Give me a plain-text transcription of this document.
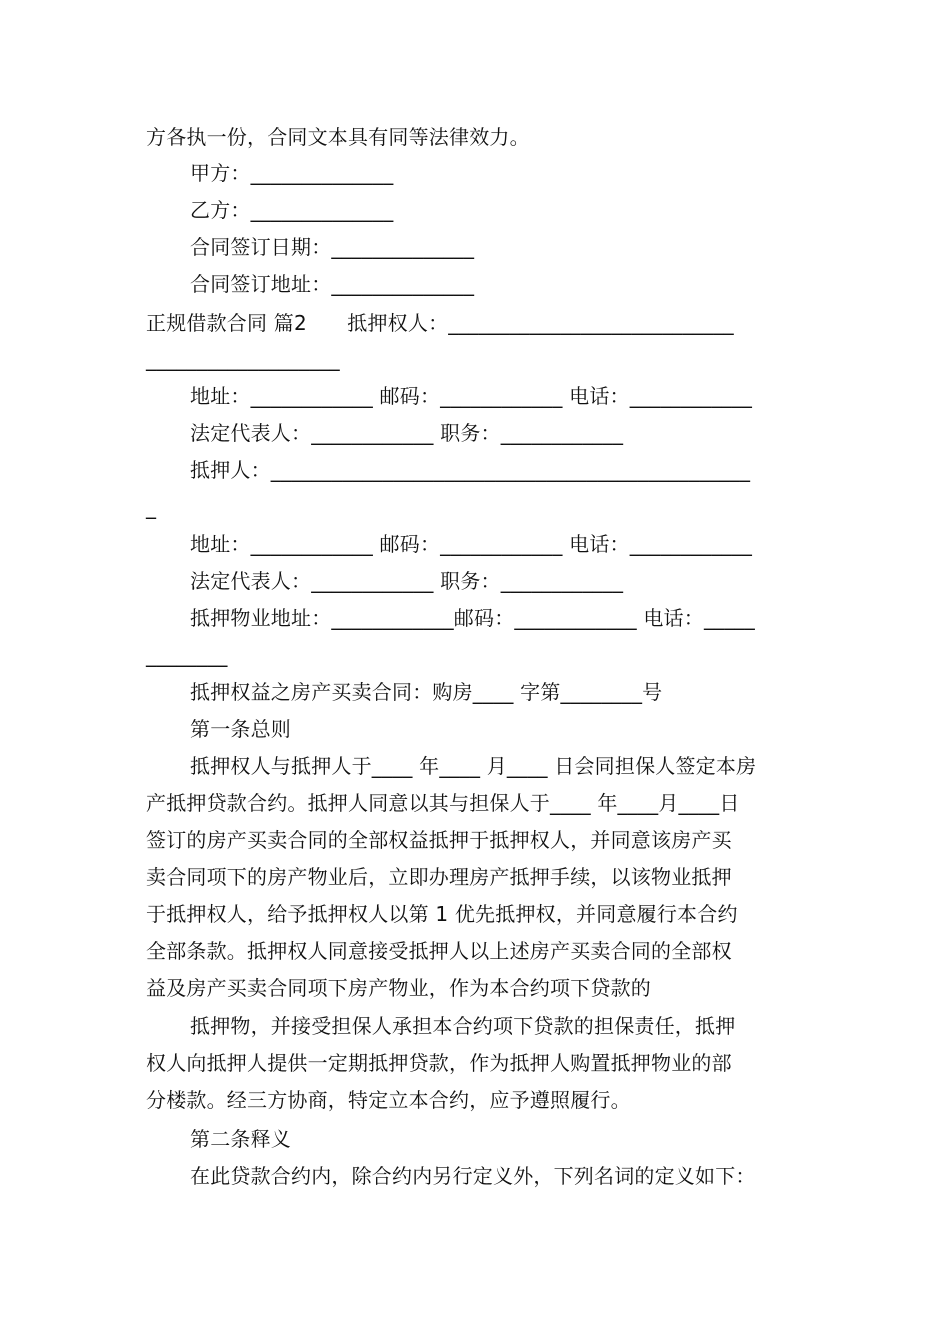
方各执一份，合同文本具有同等法律效力。
甲方：______________
乙方：______________
合同签订日期：______________
合同签订地址：______________
正规借款合同 篇2　　抵押权人：____________________________
___________________
地址：____________ 邮码：____________ 电话：____________
法定代表人：____________ 职务：____________
抵押人：_______________________________________________
_
地址：____________ 邮码：____________ 电话：____________
法定代表人：____________ 职务：____________
抵押物业地址：____________邮码：____________ 电话：_____
________
抵押权益之房产买卖合同：购房____ 字第________号
第一条总则
抵押权人与抵押人于____ 年____ 月____ 日会同担保人签定本房
产抵押贷款合约。抵押人同意以其与担保人于____ 年____月____日
签订的房产买卖合同的全部权益抵押于抵押权人，并同意该房产买
卖合同项下的房产物业后，立即办理房产抵押手续，以该物业抵押
于抵押权人，给予抵押权人以第 1 优先抵押权，并同意履行本合约
全部条款。抵押权人同意接受抵押人以上述房产买卖合同的全部权
益及房产买卖合同项下房产物业，作为本合约项下贷款的
抵押物，并接受担保人承担本合约项下贷款的担保责任，抵押
权人向抵押人提供一定期抵押贷款，作为抵押人购置抵押物业的部
分楼款。经三方协商，特定立本合约，应予遵照履行。
第二条释义
在此贷款合约内，除合约内另行定义外，下列名词的定义如下：
